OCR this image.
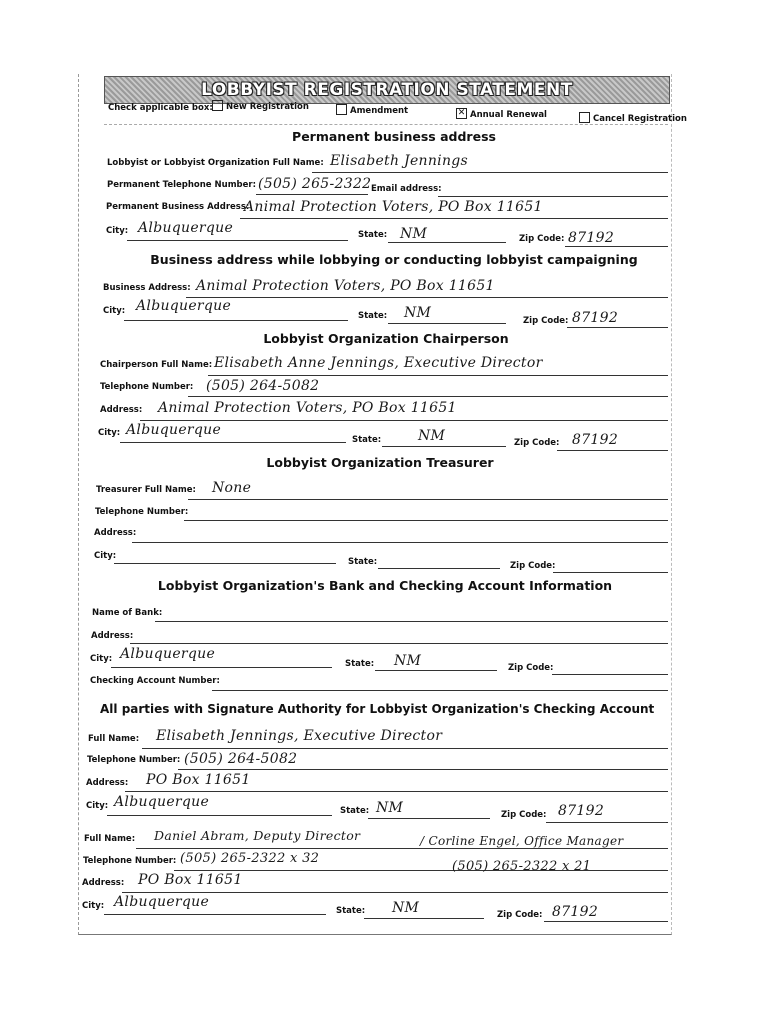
LOBBYIST REGISTRATION STATEMENT
Check applicable box:	New Registration	Amendment	✕ Annual Renewal	Cancel Registration
Permanent business address
Lobbyist or Lobbyist Organization Full Name: Elisabeth Jennings
Permanent Telephone Number: (505) 265-2322 Email address:
Permanent Business Address:
Animal Protection Voters, PO Box 11651
City: Albuquerque	State: NM	Zip Code: 87192
Business address while lobbying or conducting lobbyist campaigning
Business Address: Animal Protection Voters, PO Box 11651
City: Albuquerque
State: NM	Zip Code: 87192
Lobbyist Organization Chairperson
Chairperson Full Name: Elisabeth Anne Jennings, Executive Director
Telephone Number: (505) 264-5082
Address: Animal Protection Voters, PO Box 11651
City: Albuquerque
State:	NM	Zip Code: 87192
Lobbyist Organization Treasurer
Treasurer Full Name: None
Telephone Number:
Address:
City:
State:	Zip Code:
Lobbyist Organization's Bank and Checking Account Information
Name of Bank:
Address:
City: Albuquerque
State: NM	Zip Code:
Checking Account Number:
All parties with Signature Authority for Lobbyist Organization's Checking Account
Full Name: Elisabeth Jennings, Executive Director
Telephone Number: (505) 264-5082
Address: PO Box 11651
City: Albuquerque
State: NM	Zip Code: 87192
Full Name: Daniel Abram, Deputy Director	/ Corline Engel, Office Manager
Telephone Number: (505) 265-2322 x 32
(505) 265-2322 x 21
Address: PO Box 11651
City: Albuquerque
State: NM	Zip Code: 87192
